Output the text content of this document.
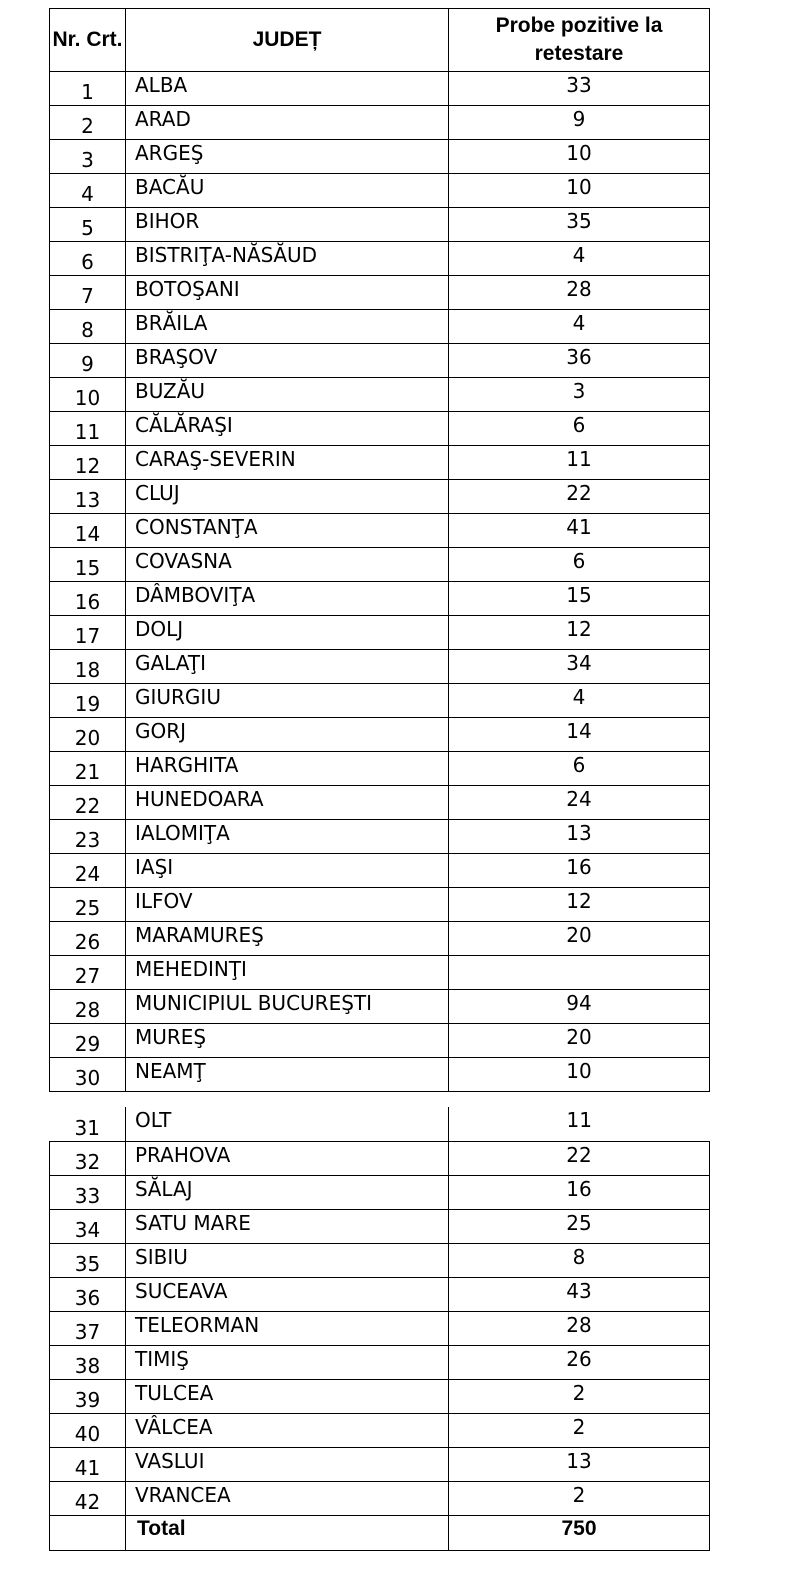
Nr. Crt.	JUDEȚ	Probe pozitive la retestare
1	ALBA	33
2	ARAD	9
3	ARGEŞ	10
4	BACĂU	10
5	BIHOR	35
6	BISTRIŢA-NĂSĂUD	4
7	BOTOŞANI	28
8	BRĂILA	4
9	BRAŞOV	36
10	BUZĂU	3
11	CĂLĂRAŞI	6
12	CARAŞ-SEVERIN	11
13	CLUJ	22
14	CONSTANŢA	41
15	COVASNA	6
16	DÂMBOVIŢA	15
17	DOLJ	12
18	GALAŢI	34
19	GIURGIU	4
20	GORJ	14
21	HARGHITA	6
22	HUNEDOARA	24
23	IALOMIŢA	13
24	IAŞI	16
25	ILFOV	12
26	MARAMUREŞ	20
27	MEHEDINŢI	
28	MUNICIPIUL BUCUREŞTI	94
29	MUREŞ	20
30	NEAMŢ	10
31	OLT	11
32	PRAHOVA	22
33	SĂLAJ	16
34	SATU MARE	25
35	SIBIU	8
36	SUCEAVA	43
37	TELEORMAN	28
38	TIMIŞ	26
39	TULCEA	2
40	VÂLCEA	2
41	VASLUI	13
42	VRANCEA	2
	Total	750
